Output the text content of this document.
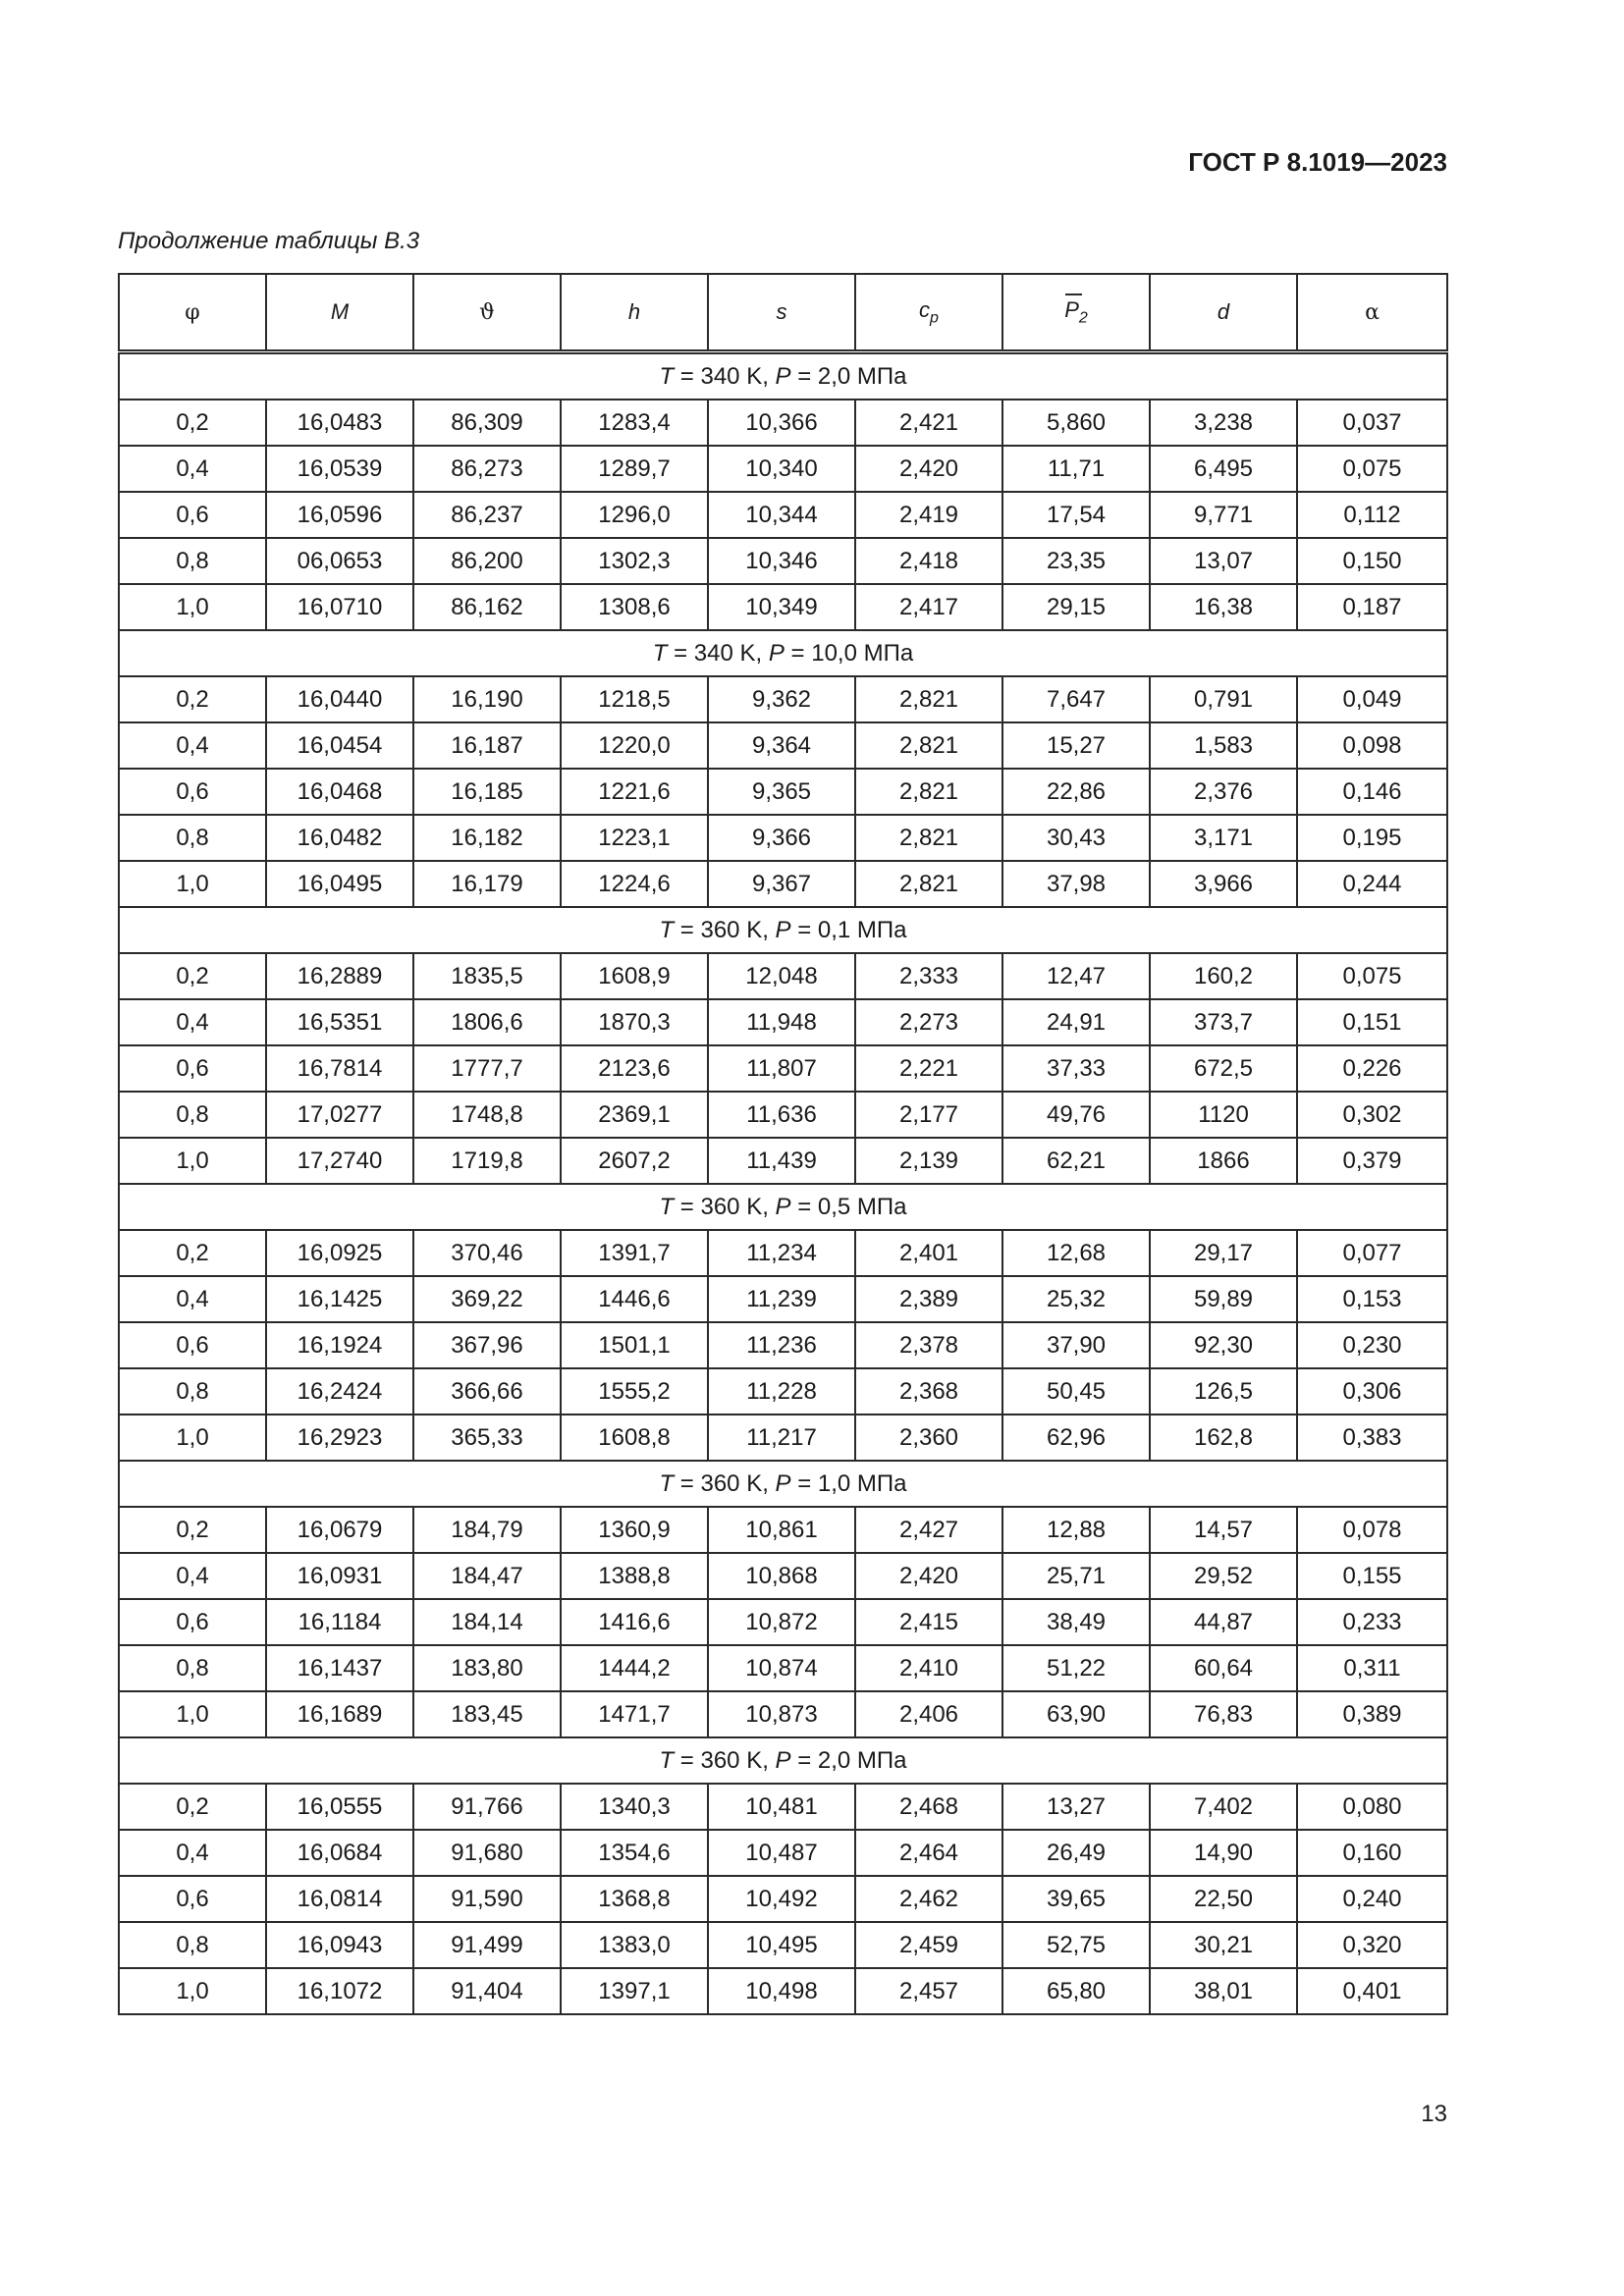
ГОСТ Р 8.1019—2023
Продолжение таблицы В.3
φ	M	ϑ	h	s	$c_p$	$P_2$	d	α
T = 340 K, P = 2,0 МПа								
0,2	16,0483	86,309	1283,4	10,366	2,421	5,860	3,238	0,037
0,4	16,0539	86,273	1289,7	10,340	2,420	11,71	6,495	0,075
0,6	16,0596	86,237	1296,0	10,344	2,419	17,54	9,771	0,112
0,8	06,0653	86,200	1302,3	10,346	2,418	23,35	13,07	0,150
1,0	16,0710	86,162	1308,6	10,349	2,417	29,15	16,38	0,187
T = 340 K, P = 10,0 МПа								
0,2	16,0440	16,190	1218,5	9,362	2,821	7,647	0,791	0,049
0,4	16,0454	16,187	1220,0	9,364	2,821	15,27	1,583	0,098
0,6	16,0468	16,185	1221,6	9,365	2,821	22,86	2,376	0,146
0,8	16,0482	16,182	1223,1	9,366	2,821	30,43	3,171	0,195
1,0	16,0495	16,179	1224,6	9,367	2,821	37,98	3,966	0,244
T = 360 K, P = 0,1 МПа								
0,2	16,2889	1835,5	1608,9	12,048	2,333	12,47	160,2	0,075
0,4	16,5351	1806,6	1870,3	11,948	2,273	24,91	373,7	0,151
0,6	16,7814	1777,7	2123,6	11,807	2,221	37,33	672,5	0,226
0,8	17,0277	1748,8	2369,1	11,636	2,177	49,76	1120	0,302
1,0	17,2740	1719,8	2607,2	11,439	2,139	62,21	1866	0,379
T = 360 K, P = 0,5 МПа								
0,2	16,0925	370,46	1391,7	11,234	2,401	12,68	29,17	0,077
0,4	16,1425	369,22	1446,6	11,239	2,389	25,32	59,89	0,153
0,6	16,1924	367,96	1501,1	11,236	2,378	37,90	92,30	0,230
0,8	16,2424	366,66	1555,2	11,228	2,368	50,45	126,5	0,306
1,0	16,2923	365,33	1608,8	11,217	2,360	62,96	162,8	0,383
T = 360 K, P = 1,0 МПа								
0,2	16,0679	184,79	1360,9	10,861	2,427	12,88	14,57	0,078
0,4	16,0931	184,47	1388,8	10,868	2,420	25,71	29,52	0,155
0,6	16,1184	184,14	1416,6	10,872	2,415	38,49	44,87	0,233
0,8	16,1437	183,80	1444,2	10,874	2,410	51,22	60,64	0,311
1,0	16,1689	183,45	1471,7	10,873	2,406	63,90	76,83	0,389
T = 360 K, P = 2,0 МПа								
0,2	16,0555	91,766	1340,3	10,481	2,468	13,27	7,402	0,080
0,4	16,0684	91,680	1354,6	10,487	2,464	26,49	14,90	0,160
0,6	16,0814	91,590	1368,8	10,492	2,462	39,65	22,50	0,240
0,8	16,0943	91,499	1383,0	10,495	2,459	52,75	30,21	0,320
1,0	16,1072	91,404	1397,1	10,498	2,457	65,80	38,01	0,401
13
